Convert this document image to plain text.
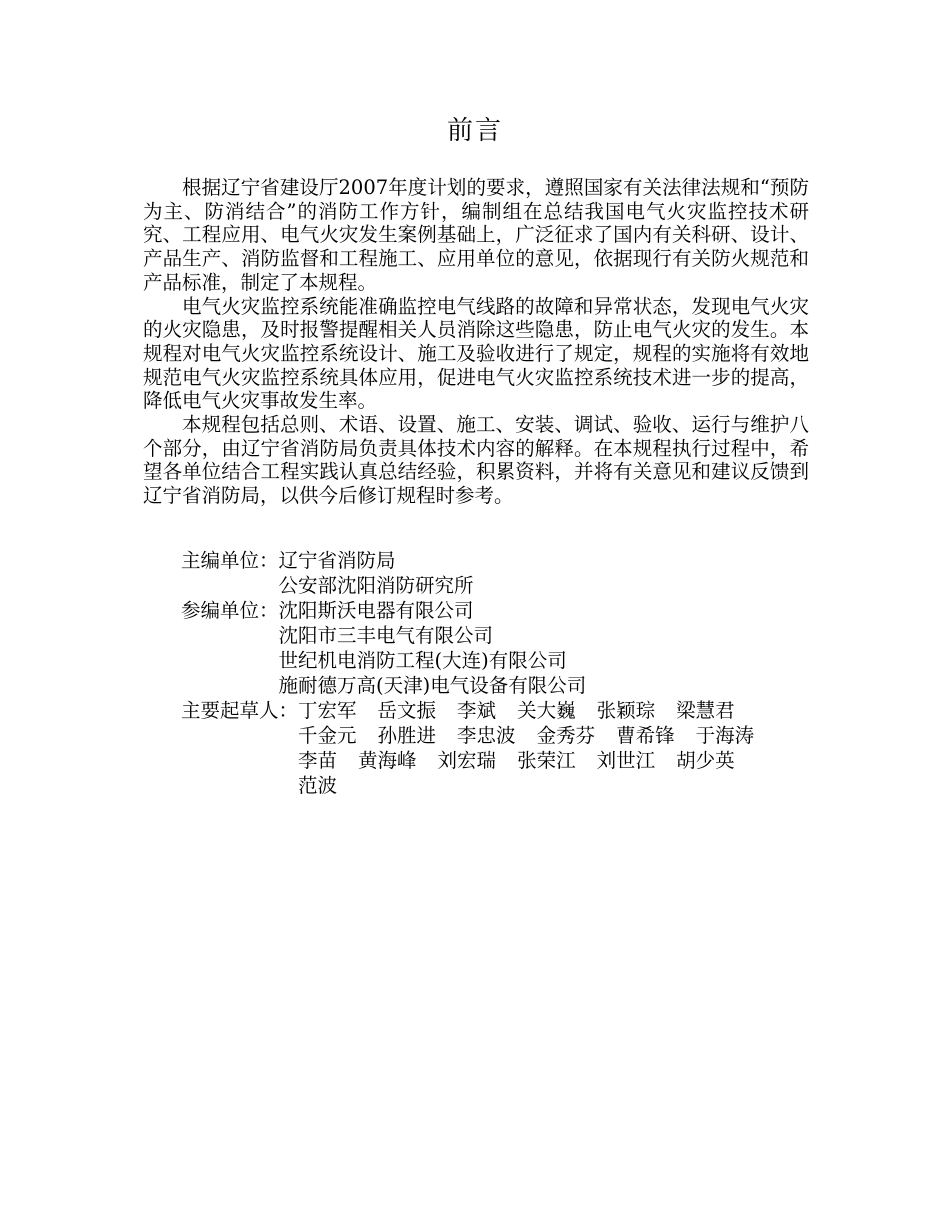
前言

根据辽宁省建设厅2007年度计划的要求，遵照国家有关法律法规和“预防为主、防消结合”的消防工作方针，编制组在总结我国电气火灾监控技术研究、工程应用、电气火灾发生案例基础上，广泛征求了国内有关科研、设计、产品生产、消防监督和工程施工、应用单位的意见，依据现行有关防火规范和产品标准，制定了本规程。

电气火灾监控系统能准确监控电气线路的故障和异常状态，发现电气火灾的火灾隐患，及时报警提醒相关人员消除这些隐患，防止电气火灾的发生。本规程对电气火灾监控系统设计、施工及验收进行了规定，规程的实施将有效地规范电气火灾监控系统具体应用，促进电气火灾监控系统技术进一步的提高，降低电气火灾事故发生率。

本规程包括总则、术语、设置、施工、安装、调试、验收、运行与维护八个部分，由辽宁省消防局负责具体技术内容的解释。在本规程执行过程中，希望各单位结合工程实践认真总结经验，积累资料，并将有关意见和建议反馈到辽宁省消防局，以供今后修订规程时参考。

主编单位： 辽宁省消防局
公安部沈阳消防研究所
参编单位： 沈阳斯沃电器有限公司
沈阳市三丰电气有限公司
世纪机电消防工程(大连)有限公司
施耐德万高(天津)电气设备有限公司
主要起草人： 丁宏军 岳文振 李斌 关大巍 张颖琮 梁慧君
千金元 孙胜进 李忠波 金秀芬 曹希锋 于海涛
李苗 黄海峰 刘宏瑞 张荣江 刘世江 胡少英
范波
